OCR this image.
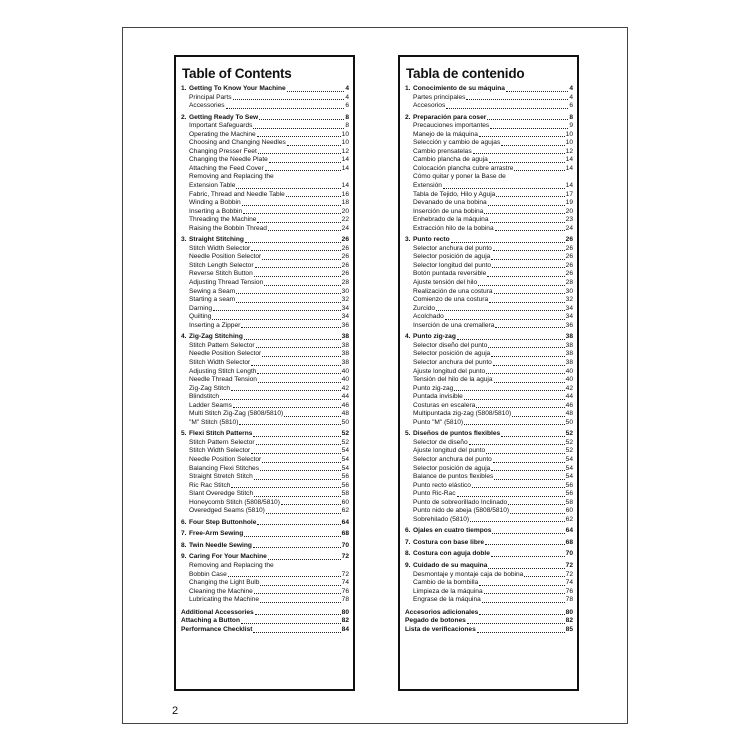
Table of Contents
1. Getting To Know Your Machine	4
Principal Parts	4
Accessories	6
2. Getting Ready To Sew	8
Important Safeguards	8
Operating the Machine	10
Choosing and Changing Needles	10
Changing Presser Feet	12
Changing the Needle Plate	14
Attaching the Feed Cover	14
Removing and Replacing the
Extension Table	14
Fabric, Thread and Needle Table	16
Winding a Bobbin	18
Inserting a Bobbin	20
Threading the Machine	22
Raising the Bobbin Thread	24
3. Straight Stitching	26
Stitch Width Selector	26
Needle Position Selector	26
Stitch Length Selector	26
Reverse Stitch Button	26
Adjusting Thread Tension	28
Sewing a Seam	30
Starting a seam	32
Darning	34
Quilting	34
Inserting a Zipper	36
4. Zig-Zag Stitching	38
Stitch Pattern Selector	38
Needle Position Selector	38
Stitch Width Selector	38
Adjusting Stitch Length	40
Needle Thread Tension	40
Zig-Zag Stitch	42
Blindstitch	44
Ladder Seams	46
Multi Stitch Zig-Zag (5808/5810)	48
"M" Stitch (5810)	50
5. Flexi Stitch Patterns	52
Stitch Pattern Selector	52
Stitch Width Selector	54
Needle Position Selector	54
Balancing Flexi Stitches	54
Straight Stretch Stitch	56
Ric Rac Stitch	56
Slant Overedge Stitch	58
Honeycomb Stitch (5808/5810)	60
Overedged Seams (5810)	62
6. Four Step Buttonhole	64
7. Free-Arm Sewing	68
8. Twin Needle Sewing	70
9. Caring For Your Machine	72
Removing and Replacing the
Bobbin Case	72
Changing the Light Bulb	74
Cleaning the Machine	76
Lubricating the Machine	78
Additional Accessories	80
Attaching a Button	82
Performance Checklist	84
Tabla de contenido
1. Conocimiento de su máquina	4
Partes principales	4
Accesorios	6
2. Preparación para coser	8
Precauciones importantes	9
Manejo de la máquina	10
Selección y cambio de agujas	10
Cambio prensatelas	12
Cambio plancha de aguja	14
Colocación plancha cubre arrastre	14
Cómo quitar y poner la Base de
Extensión	14
Tabla de Tejido, Hilo y Aguja	17
Devanado de una bobina	19
Inserción de una bobina	20
Enhebrado de la máquina	23
Extracción hilo de la bobina	24
3. Punto recto	26
Selector anchura del punto	26
Selector posición de aguja	26
Selector longitud del punto	26
Botón puntada reversible	26
Ajuste tensión del hilo	28
Realización de una costura	30
Comienzo de una costura	32
Zurcido	34
Acolchado	34
Inserción de una cremallera	36
4. Punto zig-zag	38
Selector diseño del punto	38
Selector posición de aguja	38
Selector anchura del punto	38
Ajuste longitud del punto	40
Tensión del hilo de la aguja	40
Punto zig-zag	42
Puntada invisible	44
Costuras en escalera	46
Multipuntada zig-zag (5808/5810)	48
Punto "M" (5810)	50
5. Diseños de puntos flexibles	52
Selector de diseño	52
Ajuste longitud del punto	52
Selector anchura del punto	54
Selector posición de aguja	54
Balance de puntos flexibles	54
Punto recto elástico	56
Punto Ric-Rac	56
Punto de sobreorillado Inclinado	58
Punto nido de abeja (5808/5810)	60
Sobrehilado (5810)	62
6. Ojales en cuatro tiempos	64
7. Costura con base libre	68
8. Costura con aguja doble	70
9. Cuidado de su maquina	72
Desmontaje y montaje caja de bobina	72
Cambio de la bombilla	74
Limpieza de la máquina	76
Engrase de la máquina	78
Accesorios adicionales	80
Pegado de botones	82
Lista de verificaciones	85
2
